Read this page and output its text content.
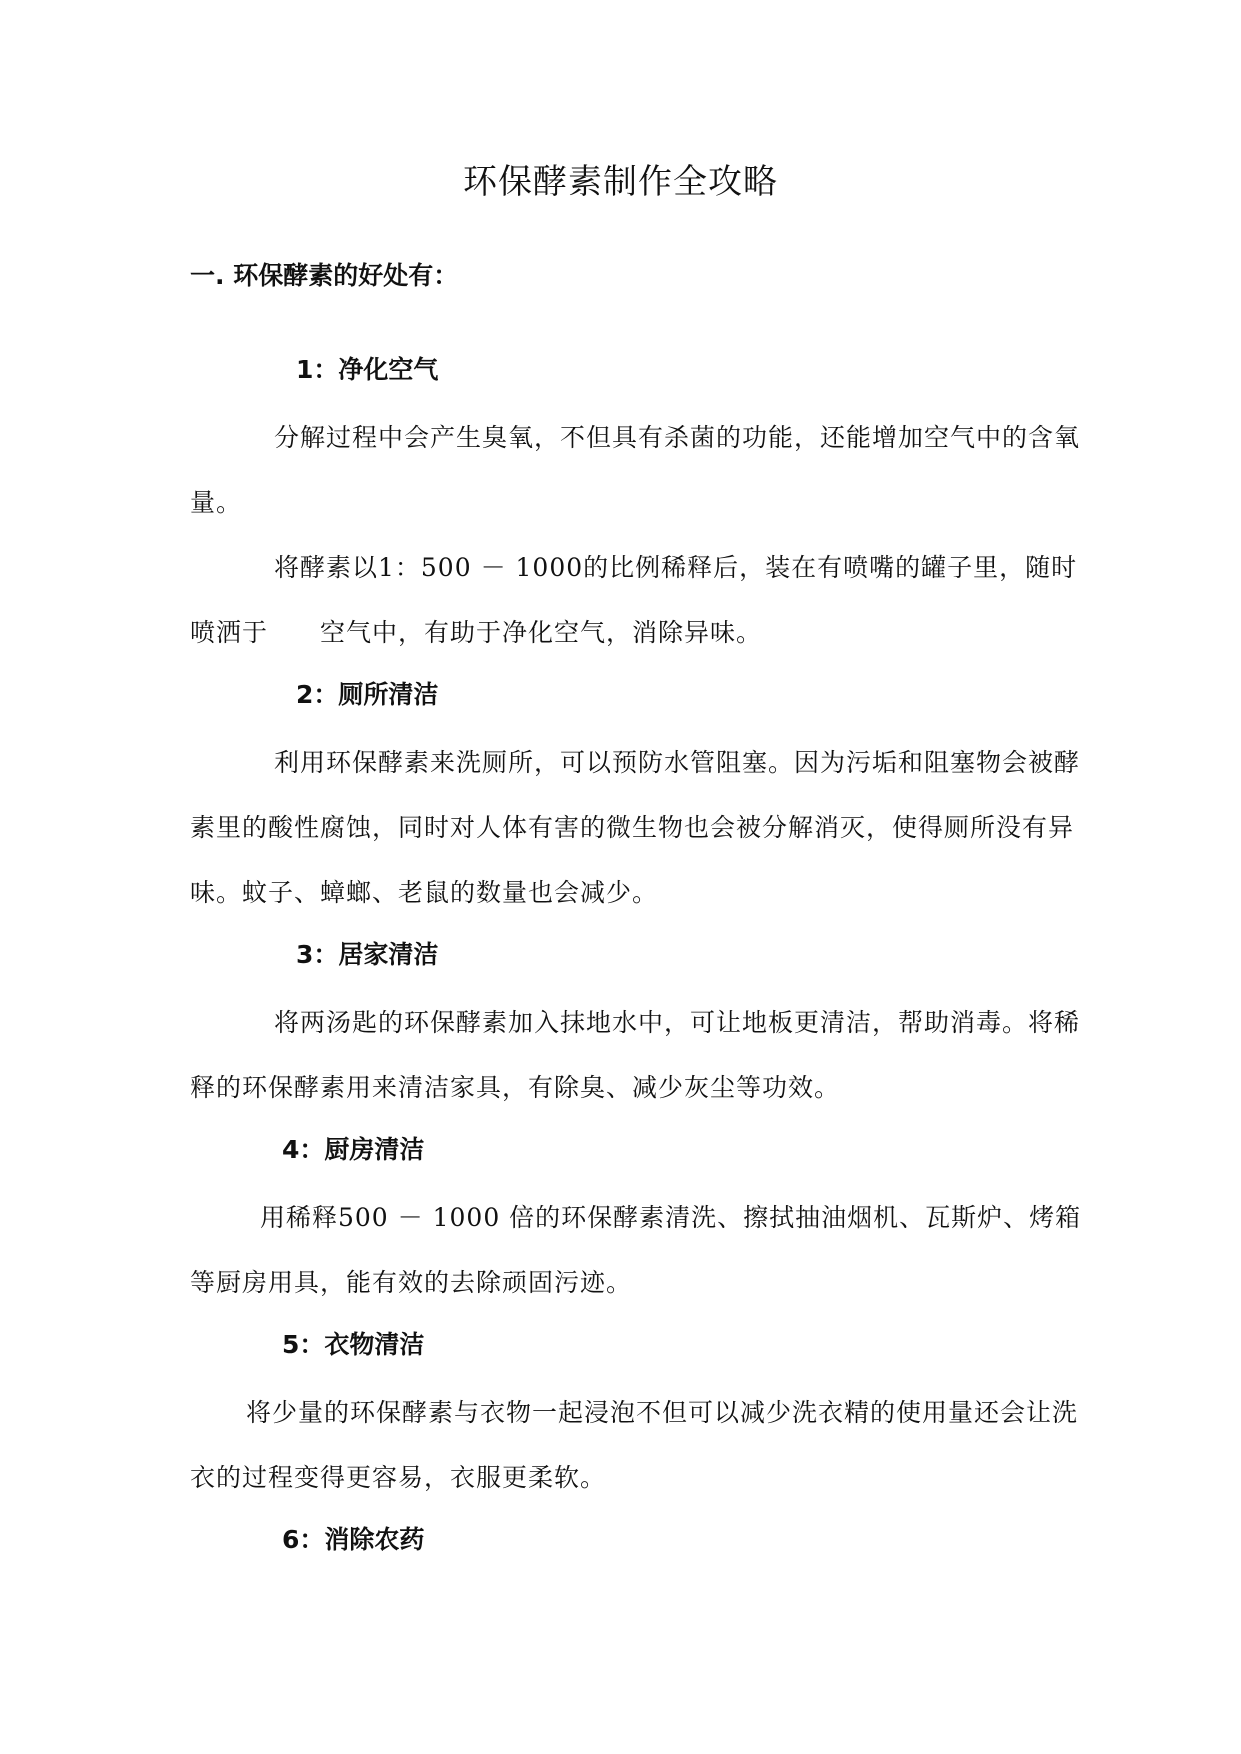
环保酵素制作全攻略
一. 环保酵素的好处有：
1：净化空气

分解过程中会产生臭氧，不但具有杀菌的功能，还能增加空气中的含氧量。

将酵素以1：500 － 1000的比例稀释后，装在有喷嘴的罐子里，随时喷洒于　　空气中，有助于净化空气，消除异味。

2：厕所清洁

利用环保酵素来洗厕所，可以预防水管阻塞。因为污垢和阻塞物会被酵素里的酸性腐蚀，同时对人体有害的微生物也会被分解消灭，使得厕所没有异味。蚊子、蟑螂、老鼠的数量也会减少。

3：居家清洁

将两汤匙的环保酵素加入抹地水中，可让地板更清洁，帮助消毒。将稀释的环保酵素用来清洁家具，有除臭、减少灰尘等功效。

4：厨房清洁

用稀释500 － 1000 倍的环保酵素清洗、擦拭抽油烟机、瓦斯炉、烤箱等厨房用具，能有效的去除顽固污迹。

5：衣物清洁

将少量的环保酵素与衣物一起浸泡不但可以减少洗衣精的使用量还会让洗衣的过程变得更容易，衣服更柔软。

6：消除农药
